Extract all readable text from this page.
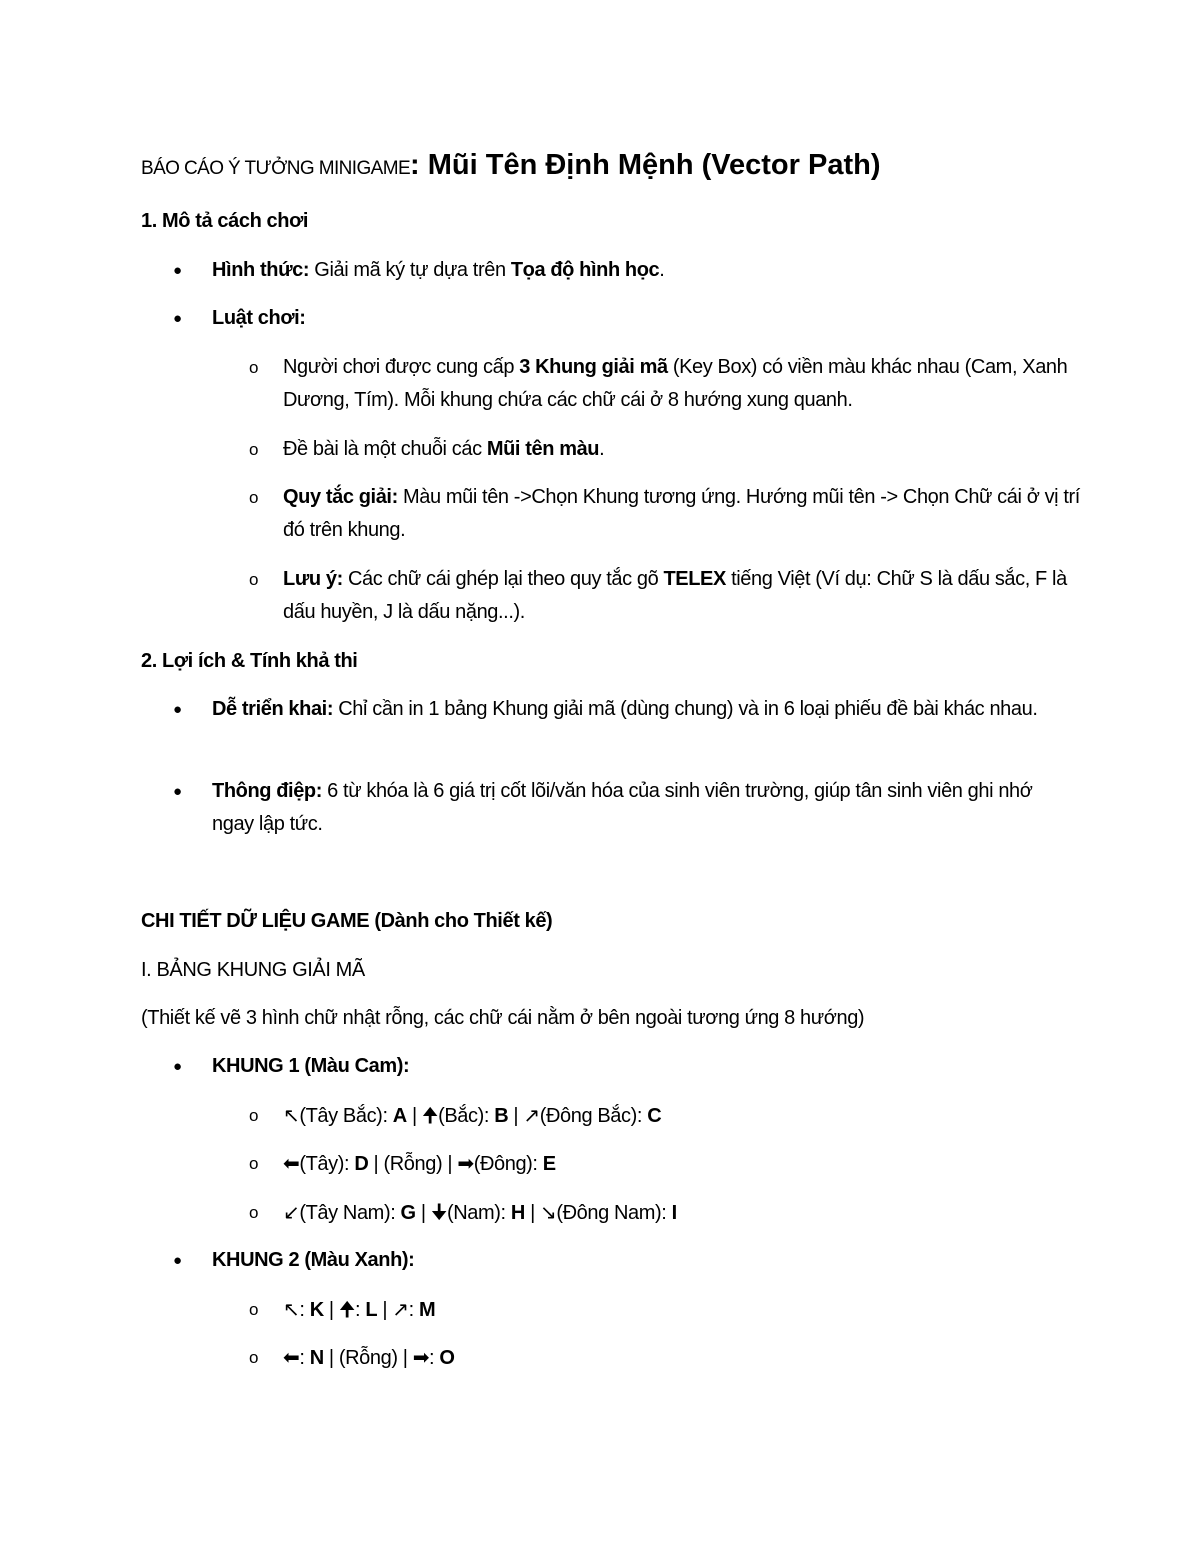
BÁO CÁO Ý TƯỞNG MINIGAME: Mũi Tên Định Mệnh (Vector Path)
1. Mô tả cách chơi
● Hình thức: Giải mã ký tự dựa trên Tọa độ hình học.
● Luật chơi:
o Người chơi được cung cấp 3 Khung giải mã (Key Box) có viền màu khác nhau (Cam, Xanh Dương, Tím). Mỗi khung chứa các chữ cái ở 8 hướng xung quanh.
o Đề bài là một chuỗi các Mũi tên màu.
o Quy tắc giải: Màu mũi tên ->Chọn Khung tương ứng. Hướng mũi tên -> Chọn Chữ cái ở vị trí đó trên khung.
o Lưu ý: Các chữ cái ghép lại theo quy tắc gõ TELEX tiếng Việt (Ví dụ: Chữ S là dấu sắc, F là dấu huyền, J là dấu nặng...).
2. Lợi ích & Tính khả thi
● Dễ triển khai: Chỉ cần in 1 bảng Khung giải mã (dùng chung) và in 6 loại phiếu đề bài khác nhau.
● Thông điệp: 6 từ khóa là 6 giá trị cốt lõi/văn hóa của sinh viên trường, giúp tân sinh viên ghi nhớ ngay lập tức.
CHI TIẾT DỮ LIỆU GAME (Dành cho Thiết kế)
I. BẢNG KHUNG GIẢI MÃ
(Thiết kế vẽ 3 hình chữ nhật rỗng, các chữ cái nằm ở bên ngoài tương ứng 8 hướng)
● KHUNG 1 (Màu Cam):
o ↖(Tây Bắc): A | 🠉(Bắc): B | ↗(Đông Bắc): C
o ⬅(Tây): D | (Rỗng) | ➡(Đông): E
o ↙(Tây Nam): G | 🠋(Nam): H | ↘(Đông Nam): I
● KHUNG 2 (Màu Xanh):
o ↖: K | 🠉: L | ↗: M
o ⬅: N | (Rỗng) | ➡: O
